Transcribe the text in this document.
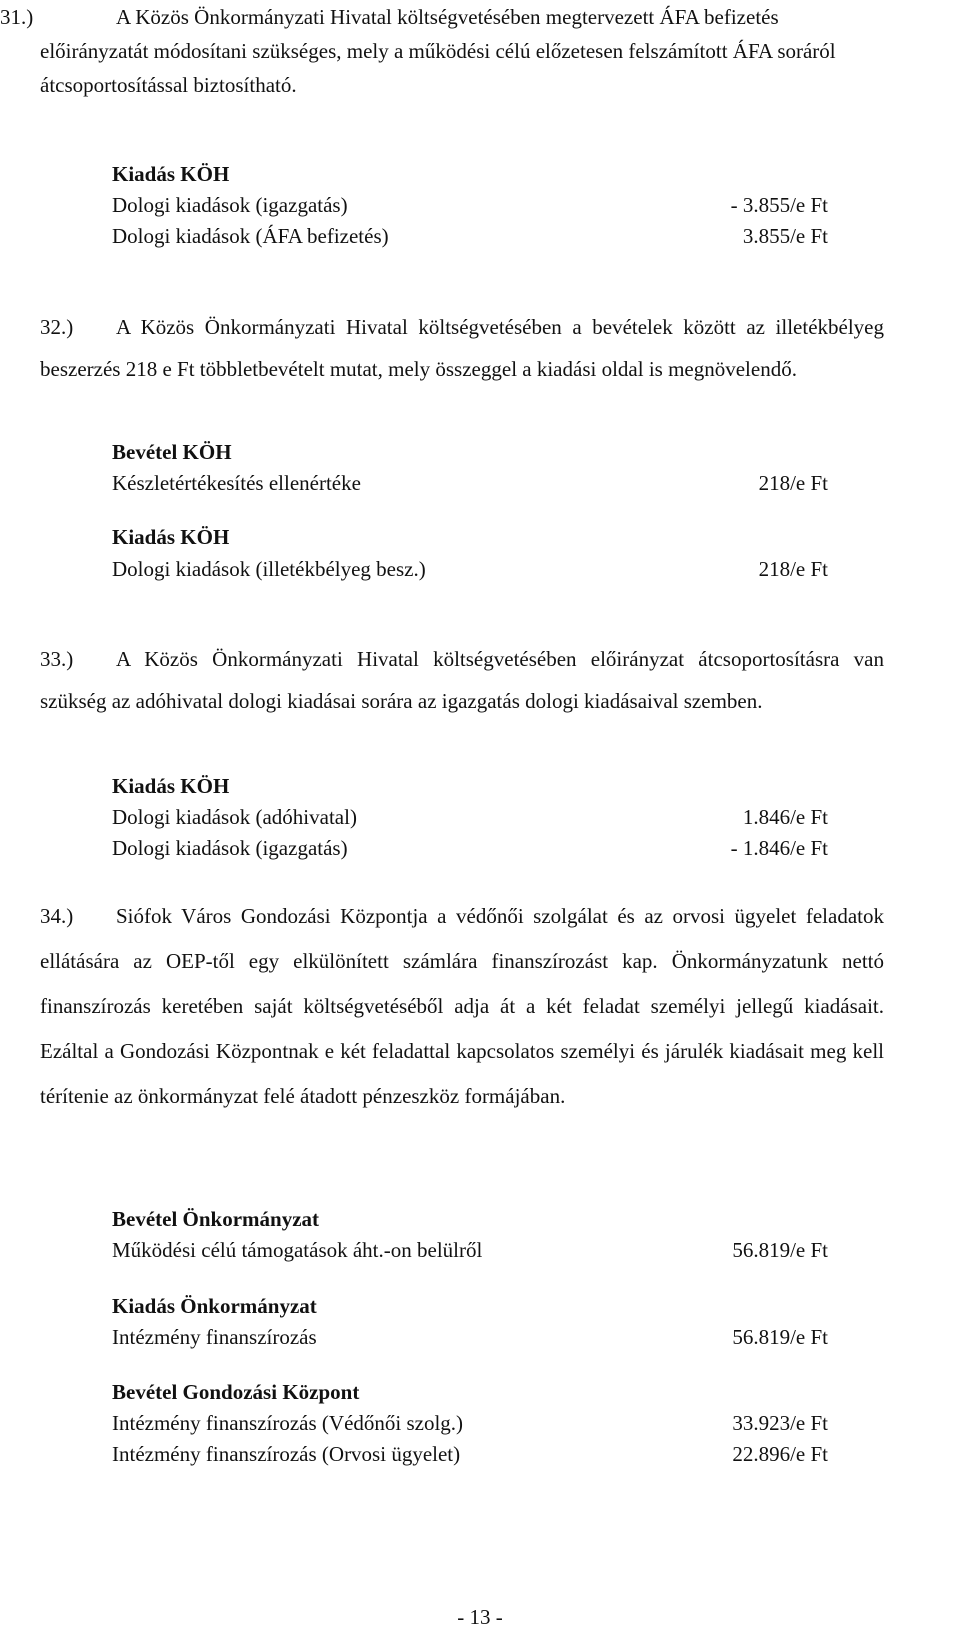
31.)	A Közös Önkormányzati Hivatal költségvetésében megtervezett ÁFA befizetés előirányzatát módosítani szükséges, mely a működési célú előzetesen felszámított ÁFA soráról átcsoportosítással biztosítható.
Kiadás KÖH
Dologi kiadások (igazgatás)	- 3.855/e Ft
Dologi kiadások (ÁFA befizetés)	3.855/e Ft
32.) A Közös Önkormányzati Hivatal költségvetésében a bevételek között az illetékbélyeg beszerzés 218 e Ft többletbevételt mutat, mely összeggel a kiadási oldal is megnövelendő.
Bevétel KÖH
Készletértékesítés ellenértéke	218/e Ft
Kiadás KÖH
Dologi kiadások (illetékbélyeg besz.)	218/e Ft
33.) A Közös Önkormányzati Hivatal költségvetésében előirányzat átcsoportosításra van szükség az adóhivatal dologi kiadásai sorára az igazgatás dologi kiadásaival szemben.
Kiadás KÖH
Dologi kiadások (adóhivatal)	1.846/e Ft
Dologi kiadások (igazgatás)	- 1.846/e Ft
34.) Siófok Város Gondozási Központja a védőnői szolgálat és az orvosi ügyelet feladatok ellátására az OEP-től egy elkülönített számlára finanszírozást kap. Önkormányzatunk nettó finanszírozás keretében saját költségvetéséből adja át a két feladat személyi jellegű kiadásait. Ezáltal a Gondozási Központnak e két feladattal kapcsolatos személyi és járulék kiadásait meg kell térítenie az önkormányzat felé átadott pénzeszköz formájában.
Bevétel Önkormányzat
Működési célú támogatások áht.-on belülről	56.819/e Ft
Kiadás Önkormányzat
Intézmény finanszírozás	56.819/e Ft
Bevétel Gondozási Központ
Intézmény finanszírozás (Védőnői szolg.)	33.923/e Ft
Intézmény finanszírozás (Orvosi ügyelet)	22.896/e Ft
- 13 -
